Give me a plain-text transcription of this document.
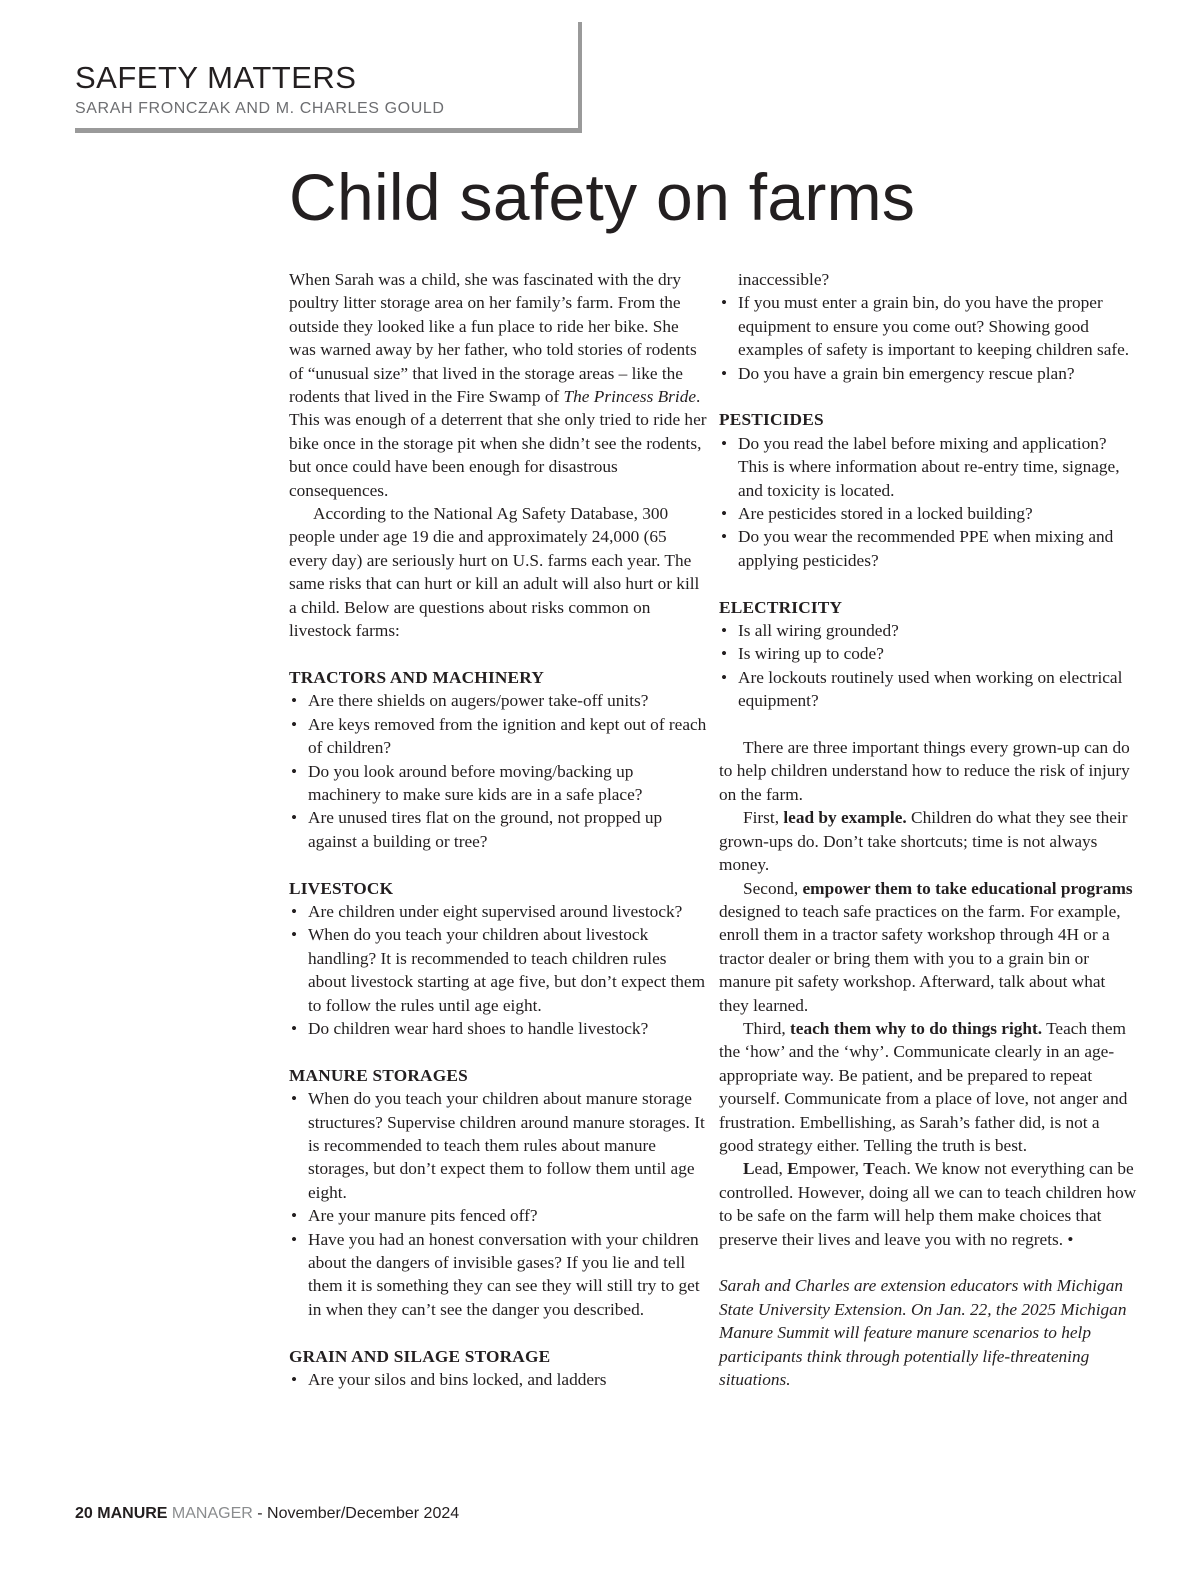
SAFETY MATTERS
SARAH FRONCZAK AND M. CHARLES GOULD
Child safety on farms

When Sarah was a child, she was fascinated with the dry poultry litter storage area on her family’s farm. From the outside they looked like a fun place to ride her bike. She was warned away by her father, who told stories of rodents of “unusual size” that lived in the storage areas – like the rodents that lived in the Fire Swamp of The Princess Bride. This was enough of a deterrent that she only tried to ride her bike once in the storage pit when she didn’t see the rodents, but once could have been enough for disastrous consequences.

According to the National Ag Safety Database, 300 people under age 19 die and approximately 24,000 (65 every day) are seriously hurt on U.S. farms each year. The same risks that can hurt or kill an adult will also hurt or kill a child. Below are questions about risks common on livestock farms:

TRACTORS AND MACHINERY
• Are there shields on augers/power take-off units?
• Are keys removed from the ignition and kept out of reach of children?
• Do you look around before moving/backing up machinery to make sure kids are in a safe place?
• Are unused tires flat on the ground, not propped up against a building or tree?
LIVESTOCK
• Are children under eight supervised around livestock?
• When do you teach your children about livestock handling? It is recommended to teach children rules about livestock starting at age five, but don’t expect them to follow the rules until age eight.
• Do children wear hard shoes to handle livestock?
MANURE STORAGES
• When do you teach your children about manure storage structures? Supervise children around manure storages. It is recommended to teach them rules about manure storages, but don’t expect them to follow them until age eight.
• Are your manure pits fenced off?
• Have you had an honest conversation with your children about the dangers of invisible gases? If you lie and tell them it is something they can see they will still try to get in when they can’t see the danger you described.
GRAIN AND SILAGE STORAGE
• Are your silos and bins locked, and ladders
inaccessible?
• If you must enter a grain bin, do you have the proper equipment to ensure you come out? Showing good examples of safety is important to keeping children safe.
• Do you have a grain bin emergency rescue plan?
PESTICIDES
• Do you read the label before mixing and application? This is where information about re-entry time, signage, and toxicity is located.
• Are pesticides stored in a locked building?
• Do you wear the recommended PPE when mixing and applying pesticides?
ELECTRICITY
• Is all wiring grounded?
• Is wiring up to code?
• Are lockouts routinely used when working on electrical equipment?

There are three important things every grown-up can do to help children understand how to reduce the risk of injury on the farm.

First, lead by example. Children do what they see their grown-ups do. Don’t take shortcuts; time is not always money.

Second, empower them to take educational programs designed to teach safe practices on the farm. For example, enroll them in a tractor safety workshop through 4H or a tractor dealer or bring them with you to a grain bin or manure pit safety workshop. Afterward, talk about what they learned.

Third, teach them why to do things right. Teach them the ‘how’ and the ‘why’. Communicate clearly in an age-appropriate way. Be patient, and be prepared to repeat yourself. Communicate from a place of love, not anger and frustration. Embellishing, as Sarah’s father did, is not a good strategy either. Telling the truth is best.

Lead, Empower, Teach. We know not everything can be controlled. However, doing all we can to teach children how to be safe on the farm will help them make choices that preserve their lives and leave you with no regrets. •

Sarah and Charles are extension educators with Michigan State University Extension. On Jan. 22, the 2025 Michigan Manure Summit will feature manure scenarios to help participants think through potentially life-threatening situations.

20 MANURE MANAGER - November/December 2024
